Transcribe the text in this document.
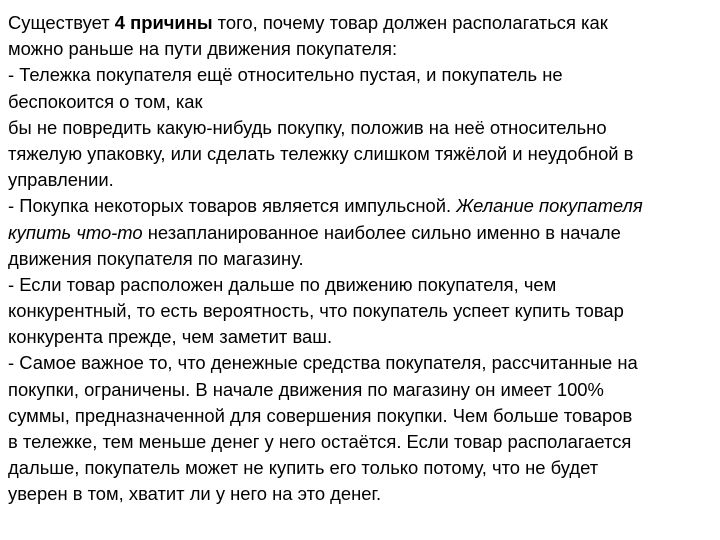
Существует 4 причины того, почему товар должен располагаться как
можно раньше на пути движения покупателя:
- Тележка покупателя ещё относительно пустая, и покупатель не
беспокоится о том, как
бы не повредить какую-нибудь покупку, положив на неё относительно
тяжелую упаковку, или сделать тележку слишком тяжёлой и неудобной в
управлении.
- Покупка некоторых товаров является импульсной. Желание покупателя
купить что-то незапланированное наиболее сильно именно в начале
движения покупателя по магазину.
- Если товар расположен дальше по движению покупателя, чем
конкурентный, то есть вероятность, что покупатель успеет купить товар
конкурента прежде, чем заметит ваш.
- Самое важное то, что денежные средства покупателя, рассчитанные на
покупки, ограничены. В начале движения по магазину он имеет 100%
суммы, предназначенной для совершения покупки. Чем больше товаров
в тележке, тем меньше денег у него остаётся. Если товар располагается
дальше, покупатель может не купить его только потому, что не будет
уверен в том, хватит ли у него на это денег.
